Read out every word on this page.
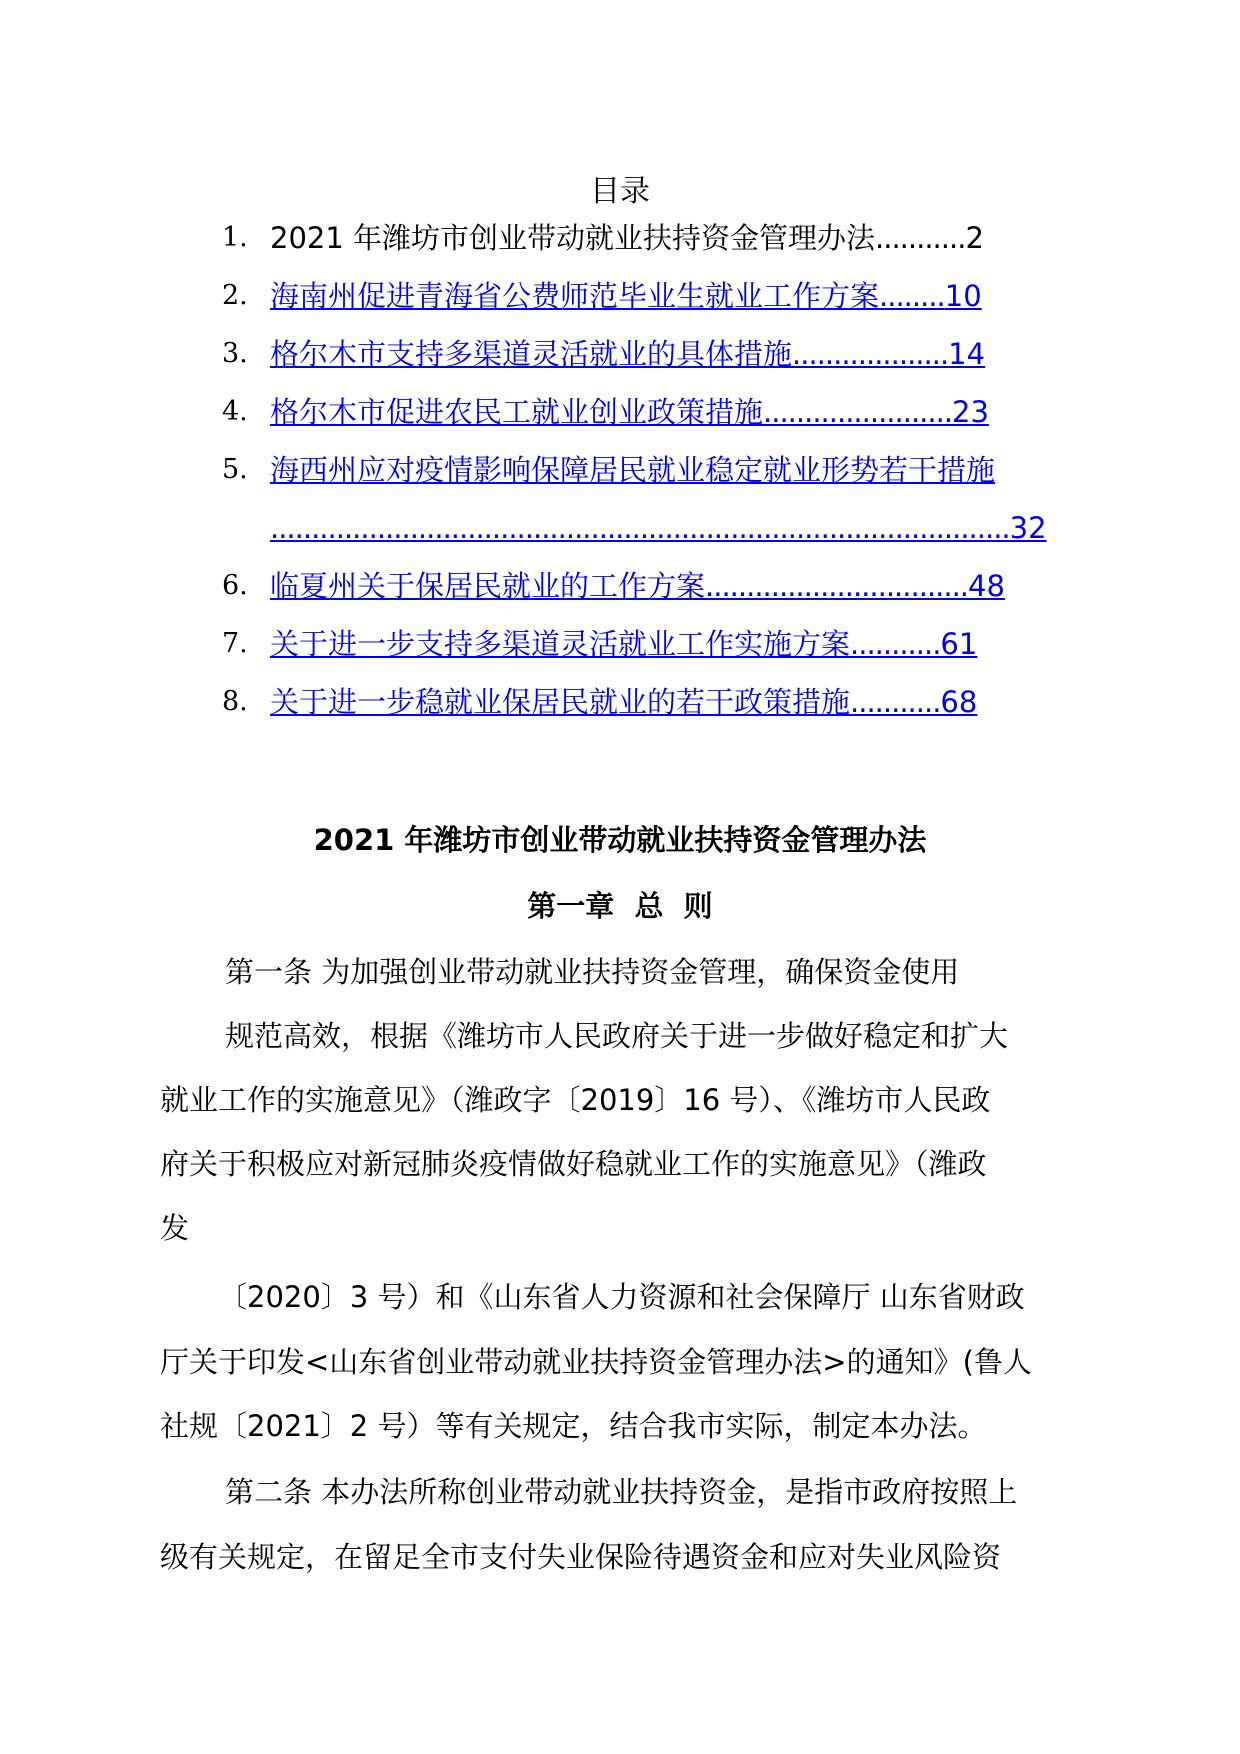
目录
1. 2021 年潍坊市创业带动就业扶持资金管理办法...........2
2. 海南州促进青海省公费师范毕业生就业工作方案........10
3. 格尔木市支持多渠道灵活就业的具体措施...................14
4. 格尔木市促进农民工就业创业政策措施.......................23
5. 海西州应对疫情影响保障居民就业稳定就业形势若干措施
..........................................................................................32
6. 临夏州关于保居民就业的工作方案................................48
7. 关于进一步支持多渠道灵活就业工作实施方案...........61
8. 关于进一步稳就业保居民就业的若干政策措施...........68
2021 年潍坊市创业带动就业扶持资金管理办法
第一章  总  则
第一条 为加强创业带动就业扶持资金管理，确保资金使用
规范高效，根据《潍坊市人民政府关于进一步做好稳定和扩大
就业工作的实施意见》（潍政字〔2019〕16 号）、《潍坊市人民政
府关于积极应对新冠肺炎疫情做好稳就业工作的实施意见》（潍政
发
〔2020〕3 号）和《山东省人力资源和社会保障厅 山东省财政
厅关于印发<山东省创业带动就业扶持资金管理办法>的通知》(鲁人
社规〔2021〕2 号）等有关规定，结合我市实际，制定本办法。
第二条 本办法所称创业带动就业扶持资金，是指市政府按照上
级有关规定，在留足全市支付失业保险待遇资金和应对失业风险资
